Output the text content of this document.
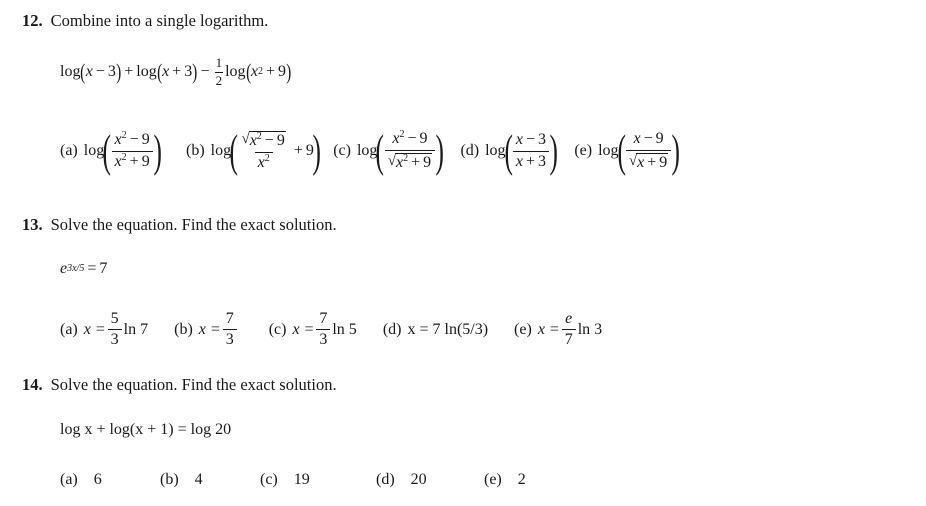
12. Combine into a single logarithm.
log ( x − 3 ) + log ( x + 3 ) − $\frac{1}{2}$ log ( x 2 + 9 )
(a) log
( $\frac{x^2 - 9}{x^2 + 9}$ ) (b) log
( $\frac{√ x^2 - 9}{x^2} + 9$
) (c) log
( $\frac{x^2 - 9}{√ x^2 + 9}$ ) (d) log
( $\frac{x - 3}{x + 3}$ ) (e) log
( $\frac{x - 9}{√ x + 9}$ )
13. Solve the equation. Find the exact solution.
e 3x/5 = 7
(a) $x = \frac{5}{3}$ ln 7 (b) $x = \frac{7}{3} (c) x = \frac{7}{3}$ ln 5 (d) x = 7 ln(5/3) (e) $x = \frac{e}{7}$ ln 3
14. Solve the equation. Find the exact solution.
log x + log(x + 1) = log 20
(a) 6	(b) 4	(c) 19	(d) 20	(e) 2
